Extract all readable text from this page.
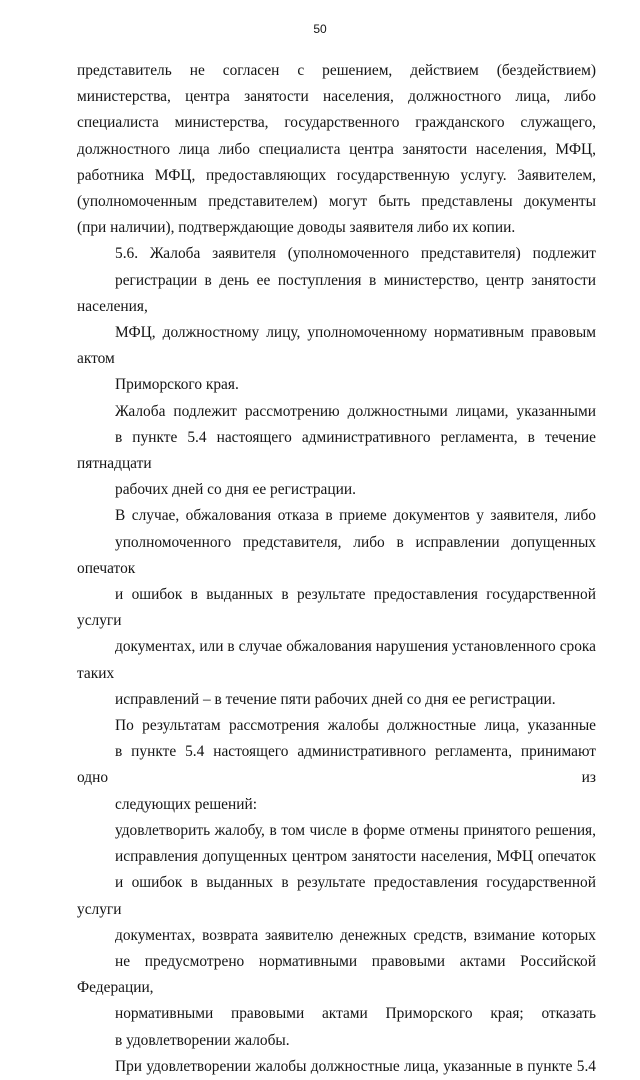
50

представитель не согласен с решением, действием (бездействием)
министерства, центра занятости населения, должностного лица, либо
специалиста министерства, государственного гражданского служащего,
должностного лица либо специалиста центра занятости населения, МФЦ,
работника МФЦ, предоставляющих государственную услугу. Заявителем,
(уполномоченным представителем) могут быть представлены документы
(при наличии), подтверждающие доводы заявителя либо их копии.

5.6. Жалоба заявителя (уполномоченного представителя) подлежит
регистрации в день ее поступления в министерство, центр занятости населения,
МФЦ, должностному лицу, уполномоченному нормативным правовым актом
Приморского края.

Жалоба подлежит рассмотрению должностными лицами, указанными
в пункте 5.4 настоящего административного регламента, в течение пятнадцати
рабочих дней со дня ее регистрации.

В случае, обжалования отказа в приеме документов у заявителя, либо
уполномоченного представителя, либо в исправлении допущенных опечаток
и ошибок в выданных в результате предоставления государственной услуги
документах, или в случае обжалования нарушения установленного срока таких
исправлений – в течение пяти рабочих дней со дня ее регистрации.

По результатам рассмотрения жалобы должностные лица, указанные
в пункте 5.4 настоящего административного регламента, принимают одно из
следующих решений:

удовлетворить жалобу, в том числе в форме отмены принятого решения,
исправления допущенных центром занятости населения, МФЦ опечаток
и ошибок в выданных в результате предоставления государственной услуги
документах, возврата заявителю денежных средств, взимание которых
не предусмотрено нормативными правовыми актами Российской Федерации,
нормативными правовыми актами Приморского края; отказать
в удовлетворении жалобы.

При удовлетворении жалобы должностные лица, указанные в пункте 5.4
